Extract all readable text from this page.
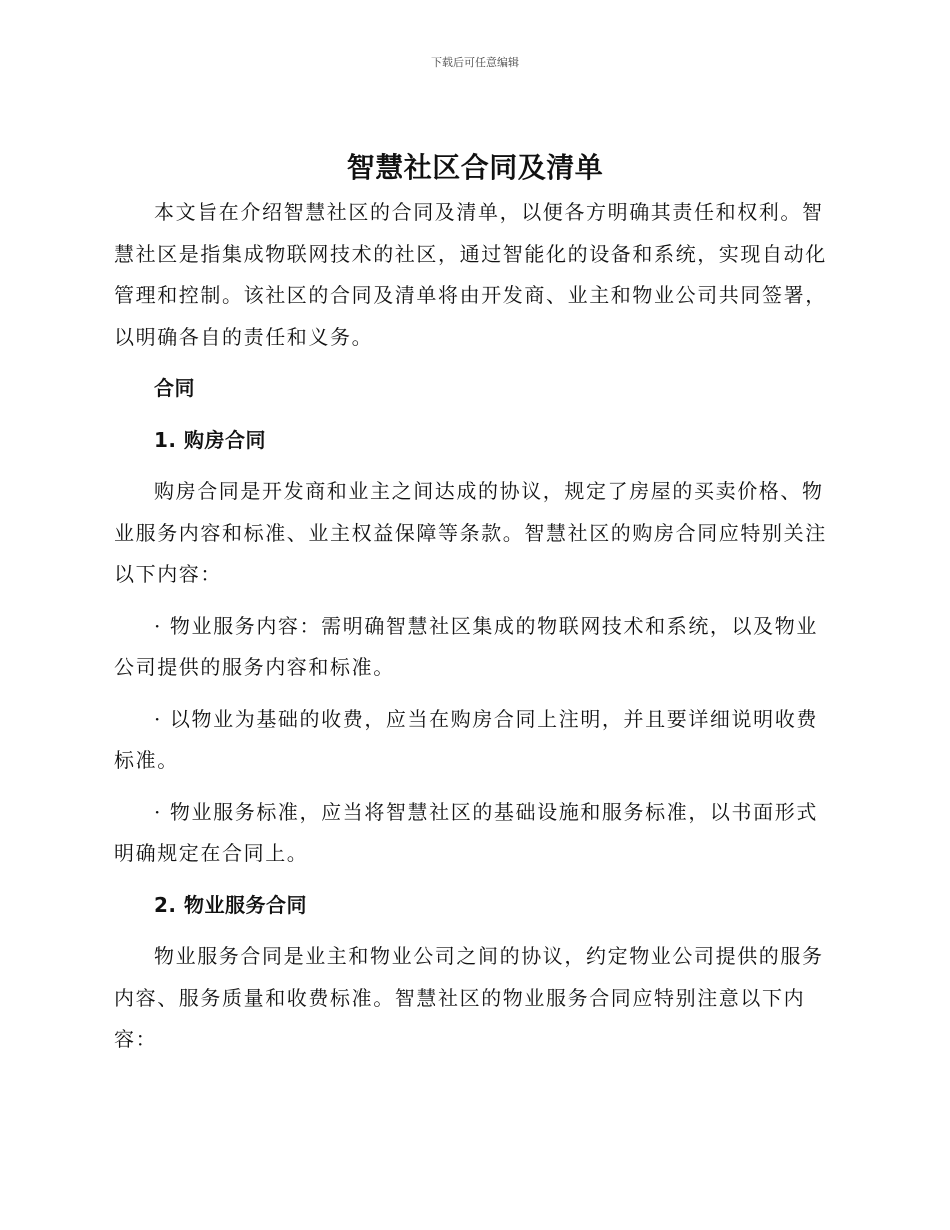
下载后可任意编辑
智慧社区合同及清单

本文旨在介绍智慧社区的合同及清单，以便各方明确其责任和权利。智慧社区是指集成物联网技术的社区，通过智能化的设备和系统，实现自动化管理和控制。该社区的合同及清单将由开发商、业主和物业公司共同签署，以明确各自的责任和义务。

合同

1. 购房合同

购房合同是开发商和业主之间达成的协议，规定了房屋的买卖价格、物业服务内容和标准、业主权益保障等条款。智慧社区的购房合同应特别关注以下内容：

· 物业服务内容：需明确智慧社区集成的物联网技术和系统，以及物业公司提供的服务内容和标准。

· 以物业为基础的收费，应当在购房合同上注明，并且要详细说明收费标准。

· 物业服务标准，应当将智慧社区的基础设施和服务标准，以书面形式明确规定在合同上。

2. 物业服务合同

物业服务合同是业主和物业公司之间的协议，约定物业公司提供的服务内容、服务质量和收费标准。智慧社区的物业服务合同应特别注意以下内容：
